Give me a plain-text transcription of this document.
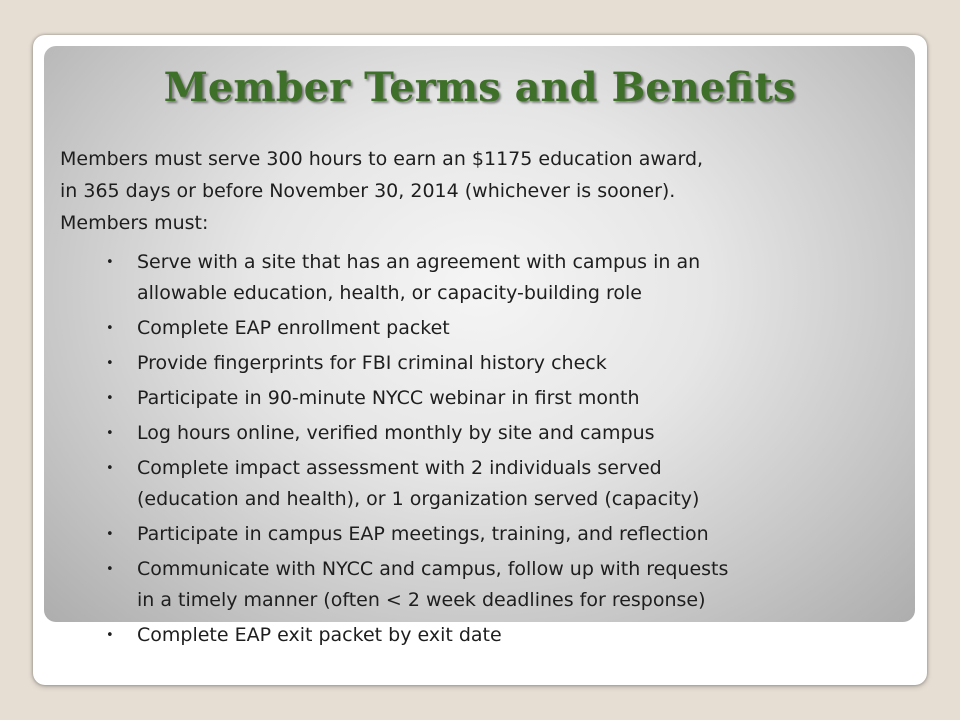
Member Terms and Benefits

Members must serve 300 hours to earn an $1175 education award,

in 365 days or before November 30, 2014 (whichever is sooner).

Members must:

• Serve with a site that has an agreement with campus in an
allowable education, health, or capacity-building role
• Complete EAP enrollment packet
• Provide fingerprints for FBI criminal history check
• Participate in 90-minute NYCC webinar in first month
• Log hours online, verified monthly by site and campus
• Complete impact assessment with 2 individuals served
(education and health), or 1 organization served (capacity)
• Participate in campus EAP meetings, training, and reflection
• Communicate with NYCC and campus, follow up with requests
in a timely manner (often < 2 week deadlines for response)
• Complete EAP exit packet by exit date
